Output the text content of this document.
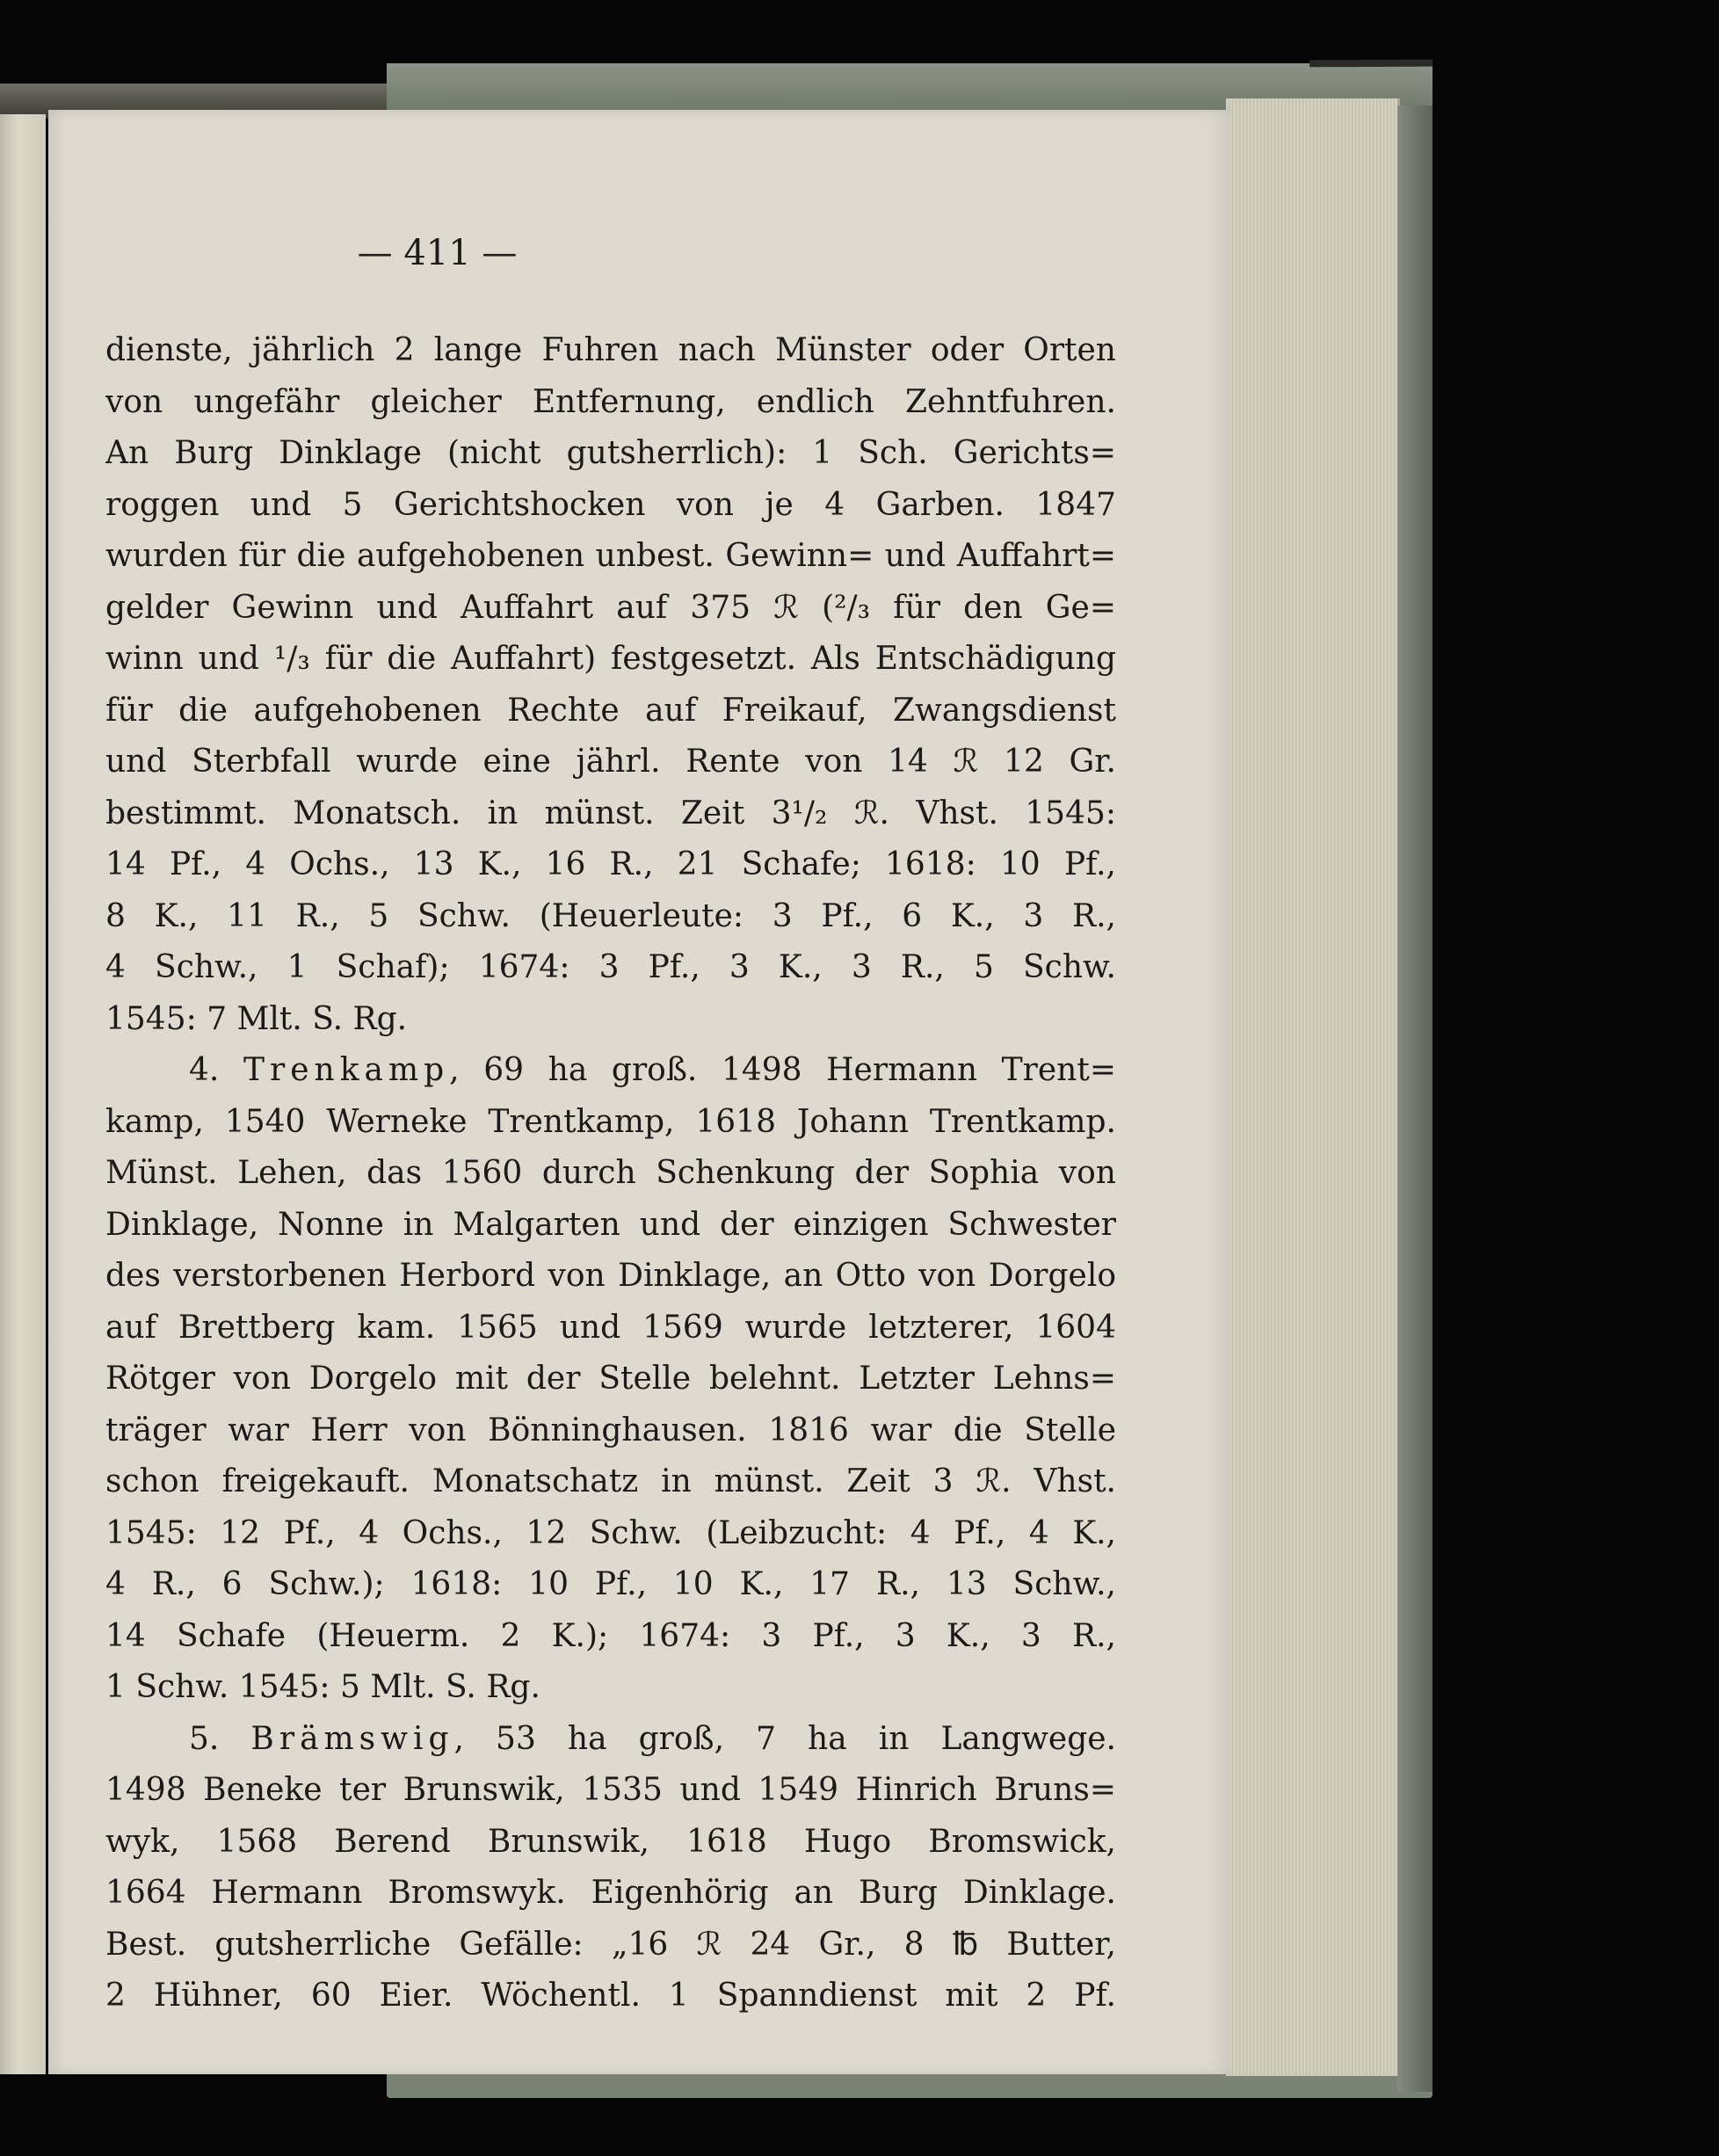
— 411 —
dienste, jährlich 2 lange Fuhren nach Münster oder Orten
von ungefähr gleicher Entfernung, endlich Zehntfuhren.
An Burg Dinklage (nicht gutsherrlich): 1 Sch. Gerichts=
roggen und 5 Gerichtshocken von je 4 Garben. 1847
wurden für die aufgehobenen unbest. Gewinn= und Auffahrt=
gelder Gewinn und Auffahrt auf 375 ℛ (²/₃ für den Ge=
winn und ¹/₃ für die Auffahrt) festgesetzt. Als Entschädigung
für die aufgehobenen Rechte auf Freikauf, Zwangsdienst
und Sterbfall wurde eine jährl. Rente von 14 ℛ 12 Gr.
bestimmt. Monatsch. in münst. Zeit 3¹/₂ ℛ. Vhst. 1545:
14 Pf., 4 Ochs., 13 K., 16 R., 21 Schafe; 1618: 10 Pf.,
8 K., 11 R., 5 Schw. (Heuerleute: 3 Pf., 6 K., 3 R.,
4 Schw., 1 Schaf); 1674: 3 Pf., 3 K., 3 R., 5 Schw.
1545: 7 Mlt. S. Rg.
4. Trenkamp, 69 ha groß. 1498 Hermann Trent=
kamp, 1540 Werneke Trentkamp, 1618 Johann Trentkamp.
Münst. Lehen, das 1560 durch Schenkung der Sophia von
Dinklage, Nonne in Malgarten und der einzigen Schwester
des verstorbenen Herbord von Dinklage, an Otto von Dorgelo
auf Brettberg kam. 1565 und 1569 wurde letzterer, 1604
Rötger von Dorgelo mit der Stelle belehnt. Letzter Lehns=
träger war Herr von Bönninghausen. 1816 war die Stelle
schon freigekauft. Monatschatz in münst. Zeit 3 ℛ. Vhst.
1545: 12 Pf., 4 Ochs., 12 Schw. (Leibzucht: 4 Pf., 4 K.,
4 R., 6 Schw.); 1618: 10 Pf., 10 K., 17 R., 13 Schw.,
14 Schafe (Heuerm. 2 K.); 1674: 3 Pf., 3 K., 3 R.,
1 Schw. 1545: 5 Mlt. S. Rg.
5. Brämswig, 53 ha groß, 7 ha in Langwege.
1498 Beneke ter Brunswik, 1535 und 1549 Hinrich Bruns=
wyk, 1568 Berend Brunswik, 1618 Hugo Bromswick,
1664 Hermann Bromswyk. Eigenhörig an Burg Dinklage.
Best. gutsherrliche Gefälle: „16 ℛ 24 Gr., 8 ℔ Butter,
2 Hühner, 60 Eier. Wöchentl. 1 Spanndienst mit 2 Pf.
